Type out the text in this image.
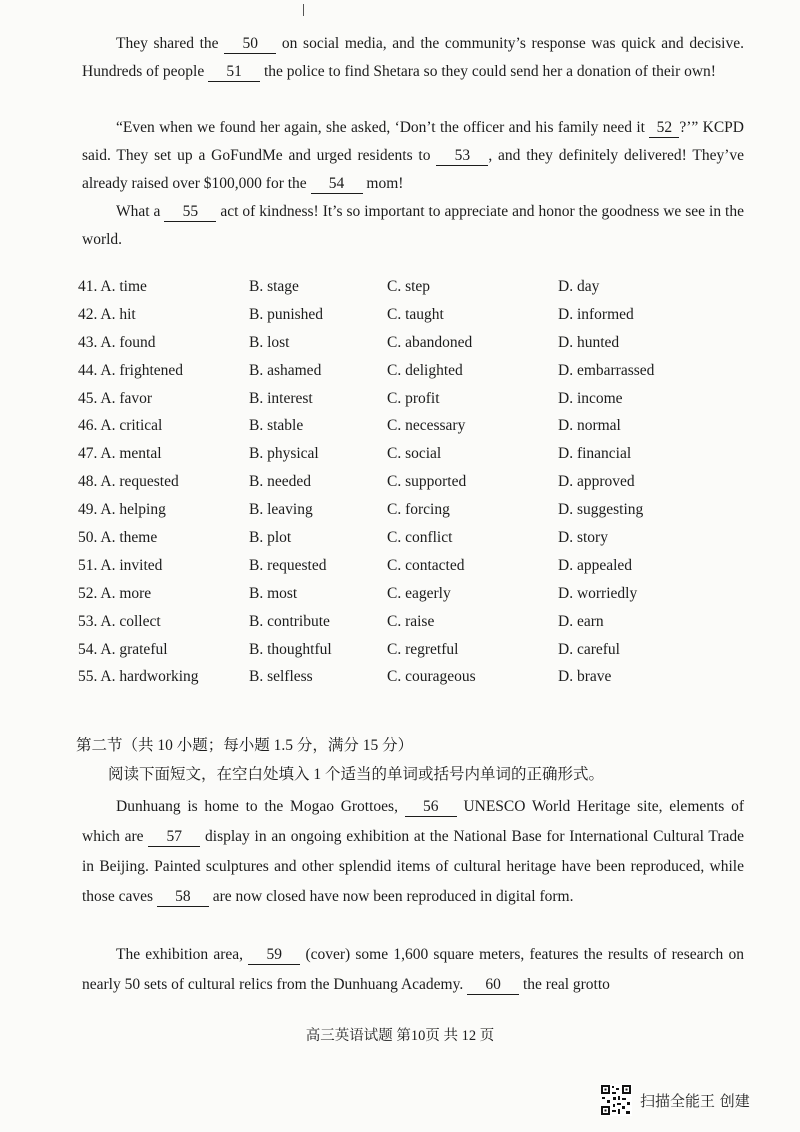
They shared the 50 on social media, and the community’s response was quick and decisive. Hundreds of people 51 the police to find Shetara so they could send her a donation of their own!

“Even when we found her again, she asked, ‘Don’t the officer and his family need it 52 ?’” KCPD said. They set up a GoFundMe and urged residents to 53 , and they definitely delivered! They’ve already raised over $100,000 for the 54 mom!

What a 55 act of kindness! It’s so important to appreciate and honor the goodness we see in the world.

41. A. time	B. stage	C. step	D. day
42. A. hit	B. punished	C. taught	D. informed
43. A. found	B. lost	C. abandoned	D. hunted
44. A. frightened	B. ashamed	C. delighted	D. embarrassed
45. A. favor	B. interest	C. profit	D. income
46. A. critical	B. stable	C. necessary	D. normal
47. A. mental	B. physical	C. social	D. financial
48. A. requested	B. needed	C. supported	D. approved
49. A. helping	B. leaving	C. forcing	D. suggesting
50. A. theme	B. plot	C. conflict	D. story
51. A. invited	B. requested	C. contacted	D. appealed
52. A. more	B. most	C. eagerly	D. worriedly
53. A. collect	B. contribute	C. raise	D. earn
54. A. grateful	B. thoughtful	C. regretful	D. careful
55. A. hardworking	B. selfless	C. courageous	D. brave

第二节（共 10 小题；每小题 1.5 分，满分 15 分）

阅读下面短文，在空白处填入 1 个适当的单词或括号内单词的正确形式。

Dunhuang is home to the Mogao Grottoes, 56 UNESCO World Heritage site, elements of which are 57 display in an ongoing exhibition at the National Base for International Cultural Trade in Beijing. Painted sculptures and other splendid items of cultural heritage have been reproduced, while those caves 58 are now closed have now been reproduced in digital form.

The exhibition area, 59 (cover) some 1,600 square meters, features the results of research on nearly 50 sets of cultural relics from the Dunhuang Academy. 60 the real grotto

高三英语试题 第10页 共 12 页

扫描全能王 创建
